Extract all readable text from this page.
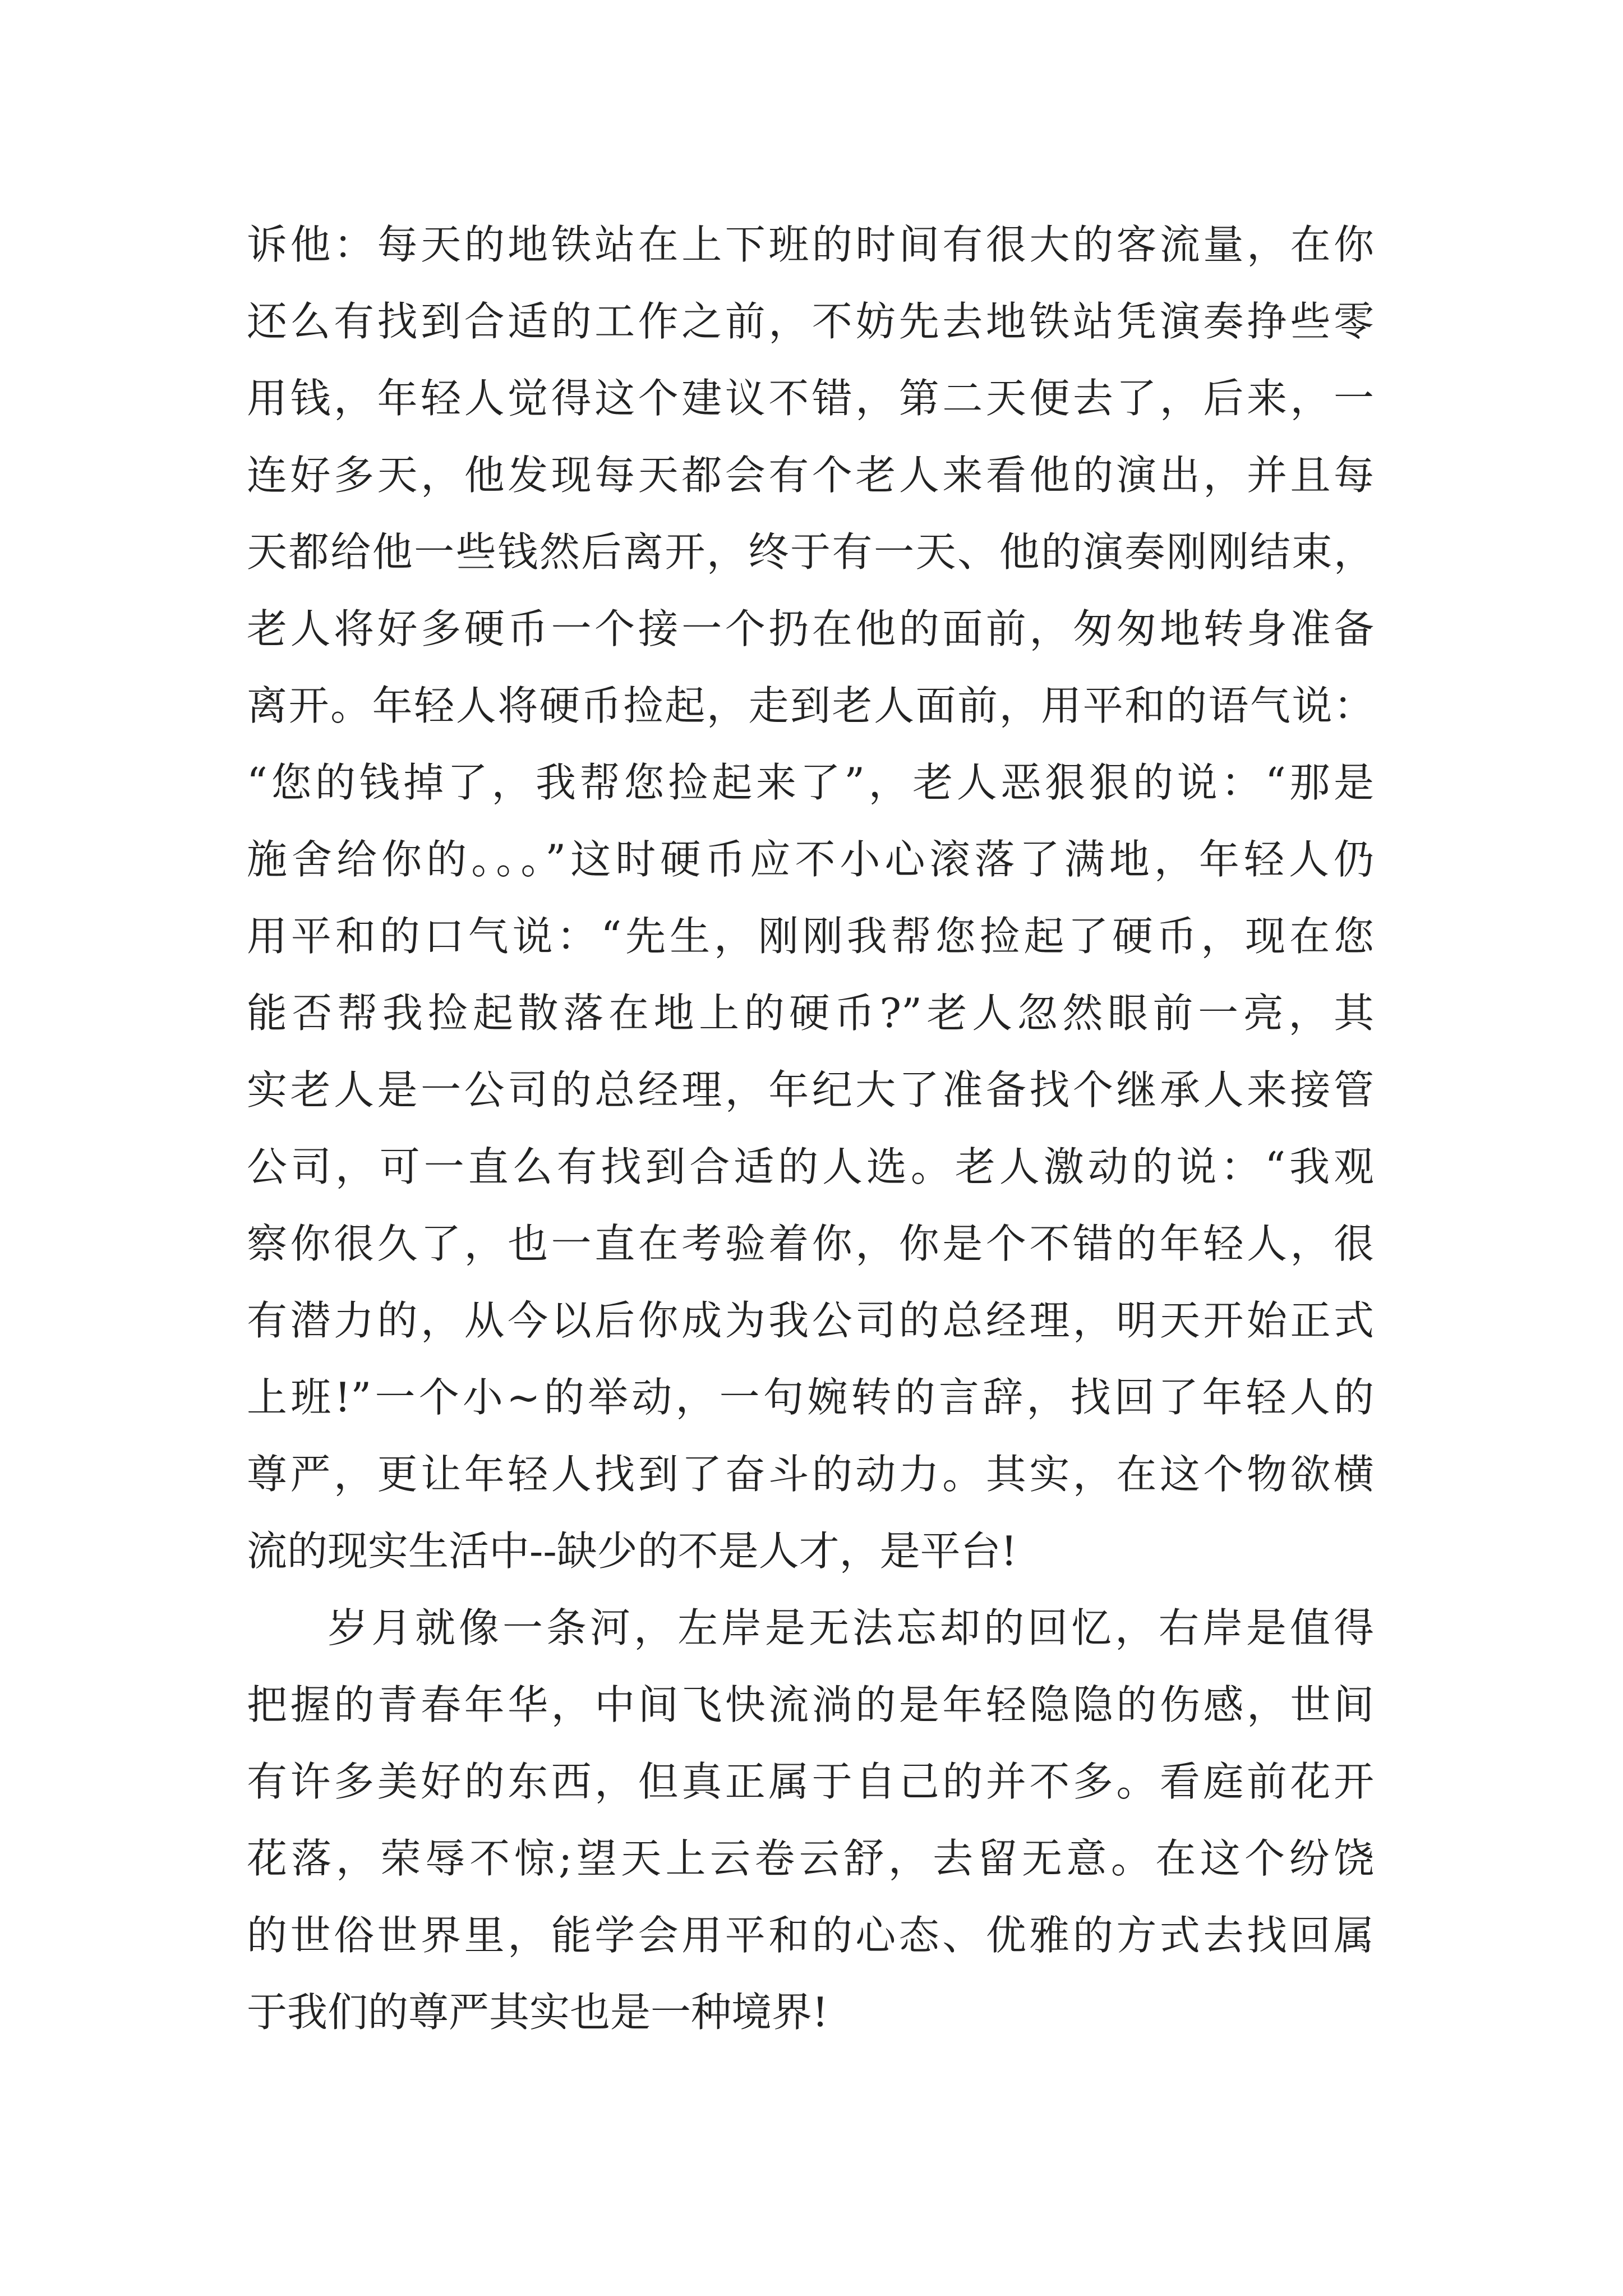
诉他：每天的地铁站在上下班的时间有很大的客流量，在你
还么有找到合适的工作之前，不妨先去地铁站凭演奏挣些零
用钱，年轻人觉得这个建议不错，第二天便去了，后来，一
连好多天，他发现每天都会有个老人来看他的演出，并且每
天都给他一些钱然后离开，终于有一天、他的演奏刚刚结束，
老人将好多硬币一个接一个扔在他的面前，匆匆地转身准备
离开。年轻人将硬币捡起，走到老人面前，用平和的语气说：
“您的钱掉了，我帮您捡起来了”，老人恶狠狠的说：“那是
施舍给你的。。。”这时硬币应不小心滚落了满地，年轻人仍
用平和的口气说：“先生，刚刚我帮您捡起了硬币，现在您
能否帮我捡起散落在地上的硬币?”老人忽然眼前一亮，其
实老人是一公司的总经理，年纪大了准备找个继承人来接管
公司，可一直么有找到合适的人选。老人激动的说：“我观
察你很久了，也一直在考验着你，你是个不错的年轻人，很
有潜力的，从今以后你成为我公司的总经理，明天开始正式
上班!”一个小~的举动，一句婉转的言辞，找回了年轻人的
尊严，更让年轻人找到了奋斗的动力。其实，在这个物欲横
流的现实生活中--缺少的不是人才，是平台!
岁月就像一条河，左岸是无法忘却的回忆，右岸是值得
把握的青春年华，中间飞快流淌的是年轻隐隐的伤感，世间
有许多美好的东西，但真正属于自己的并不多。看庭前花开
花落，荣辱不惊;望天上云卷云舒，去留无意。在这个纷饶
的世俗世界里，能学会用平和的心态、优雅的方式去找回属
于我们的尊严其实也是一种境界!
